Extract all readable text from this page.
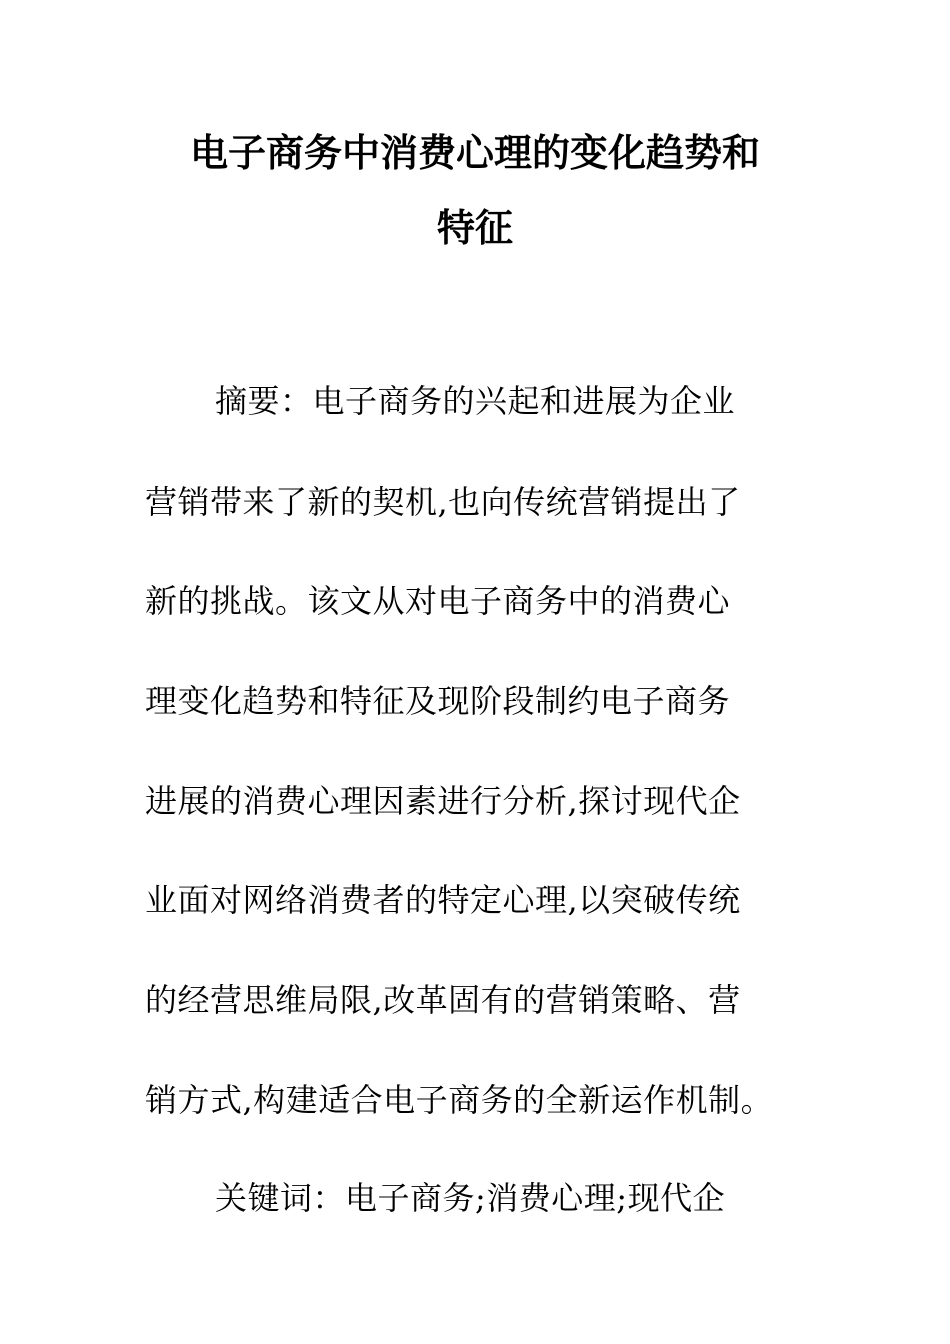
电子商务中消费心理的变化趋势和
特征
摘要：电子商务的兴起和进展为企业
营销带来了新的契机,也向传统营销提出了
新的挑战。该文从对电子商务中的消费心
理变化趋势和特征及现阶段制约电子商务
进展的消费心理因素进行分析,探讨现代企
业面对网络消费者的特定心理,以突破传统
的经营思维局限,改革固有的营销策略、营
销方式,构建适合电子商务的全新运作机制。
关键词：电子商务;消费心理;现代企
